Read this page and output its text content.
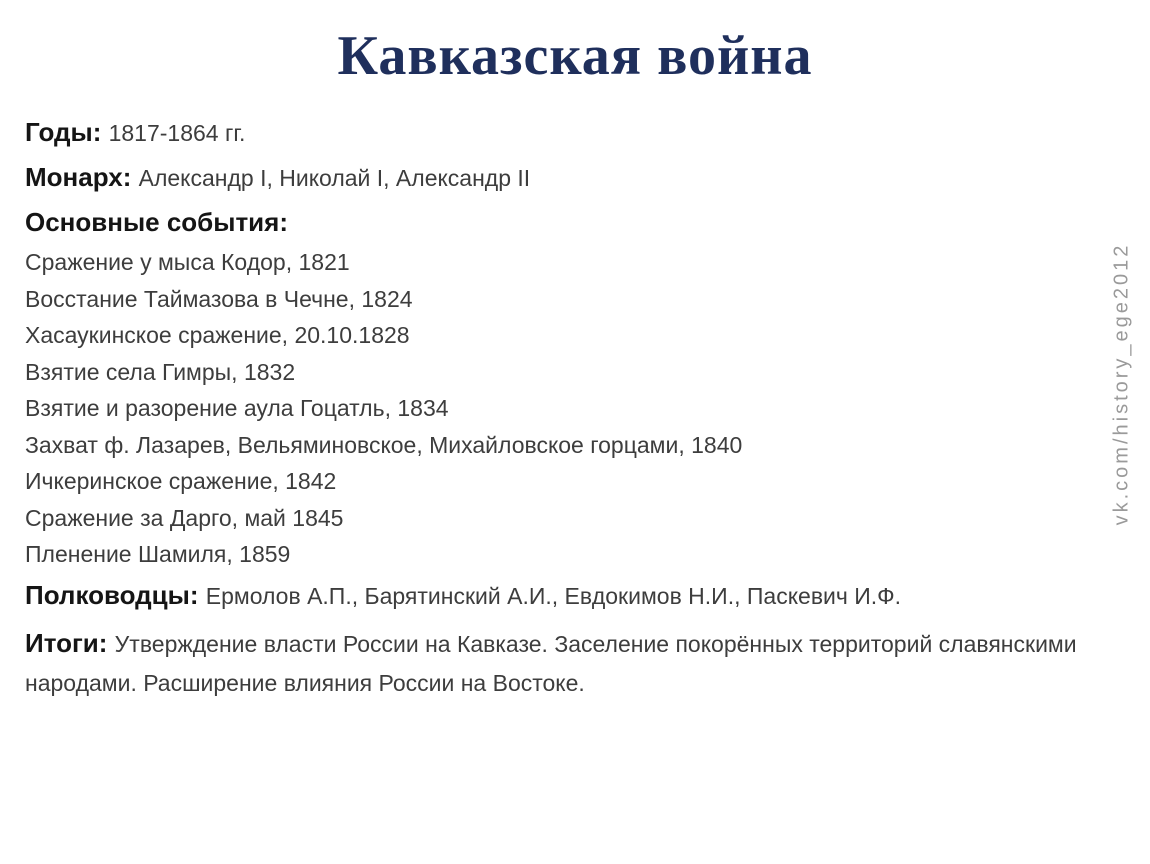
Кавказская война
Годы: 1817-1864 гг.
Монарх: Александр I, Николай I, Александр II
Основные события:
Сражение у мыса Кодор, 1821
Восстание Таймазова в Чечне, 1824
Хасаукинское сражение, 20.10.1828
Взятие села Гимры, 1832
Взятие и разорение аула Гоцатль, 1834
Захват ф. Лазарев, Вельяминовское, Михайловское горцами, 1840
Ичкеринское сражение, 1842
Сражение за Дарго, май 1845
Пленение Шамиля, 1859
Полководцы: Ермолов А.П., Барятинский А.И., Евдокимов Н.И., Паскевич И.Ф.
Итоги: Утверждение власти России на Кавказе. Заселение покорённых территорий славянскими народами. Расширение влияния России на Востоке.
vk.com/history_ege2012
